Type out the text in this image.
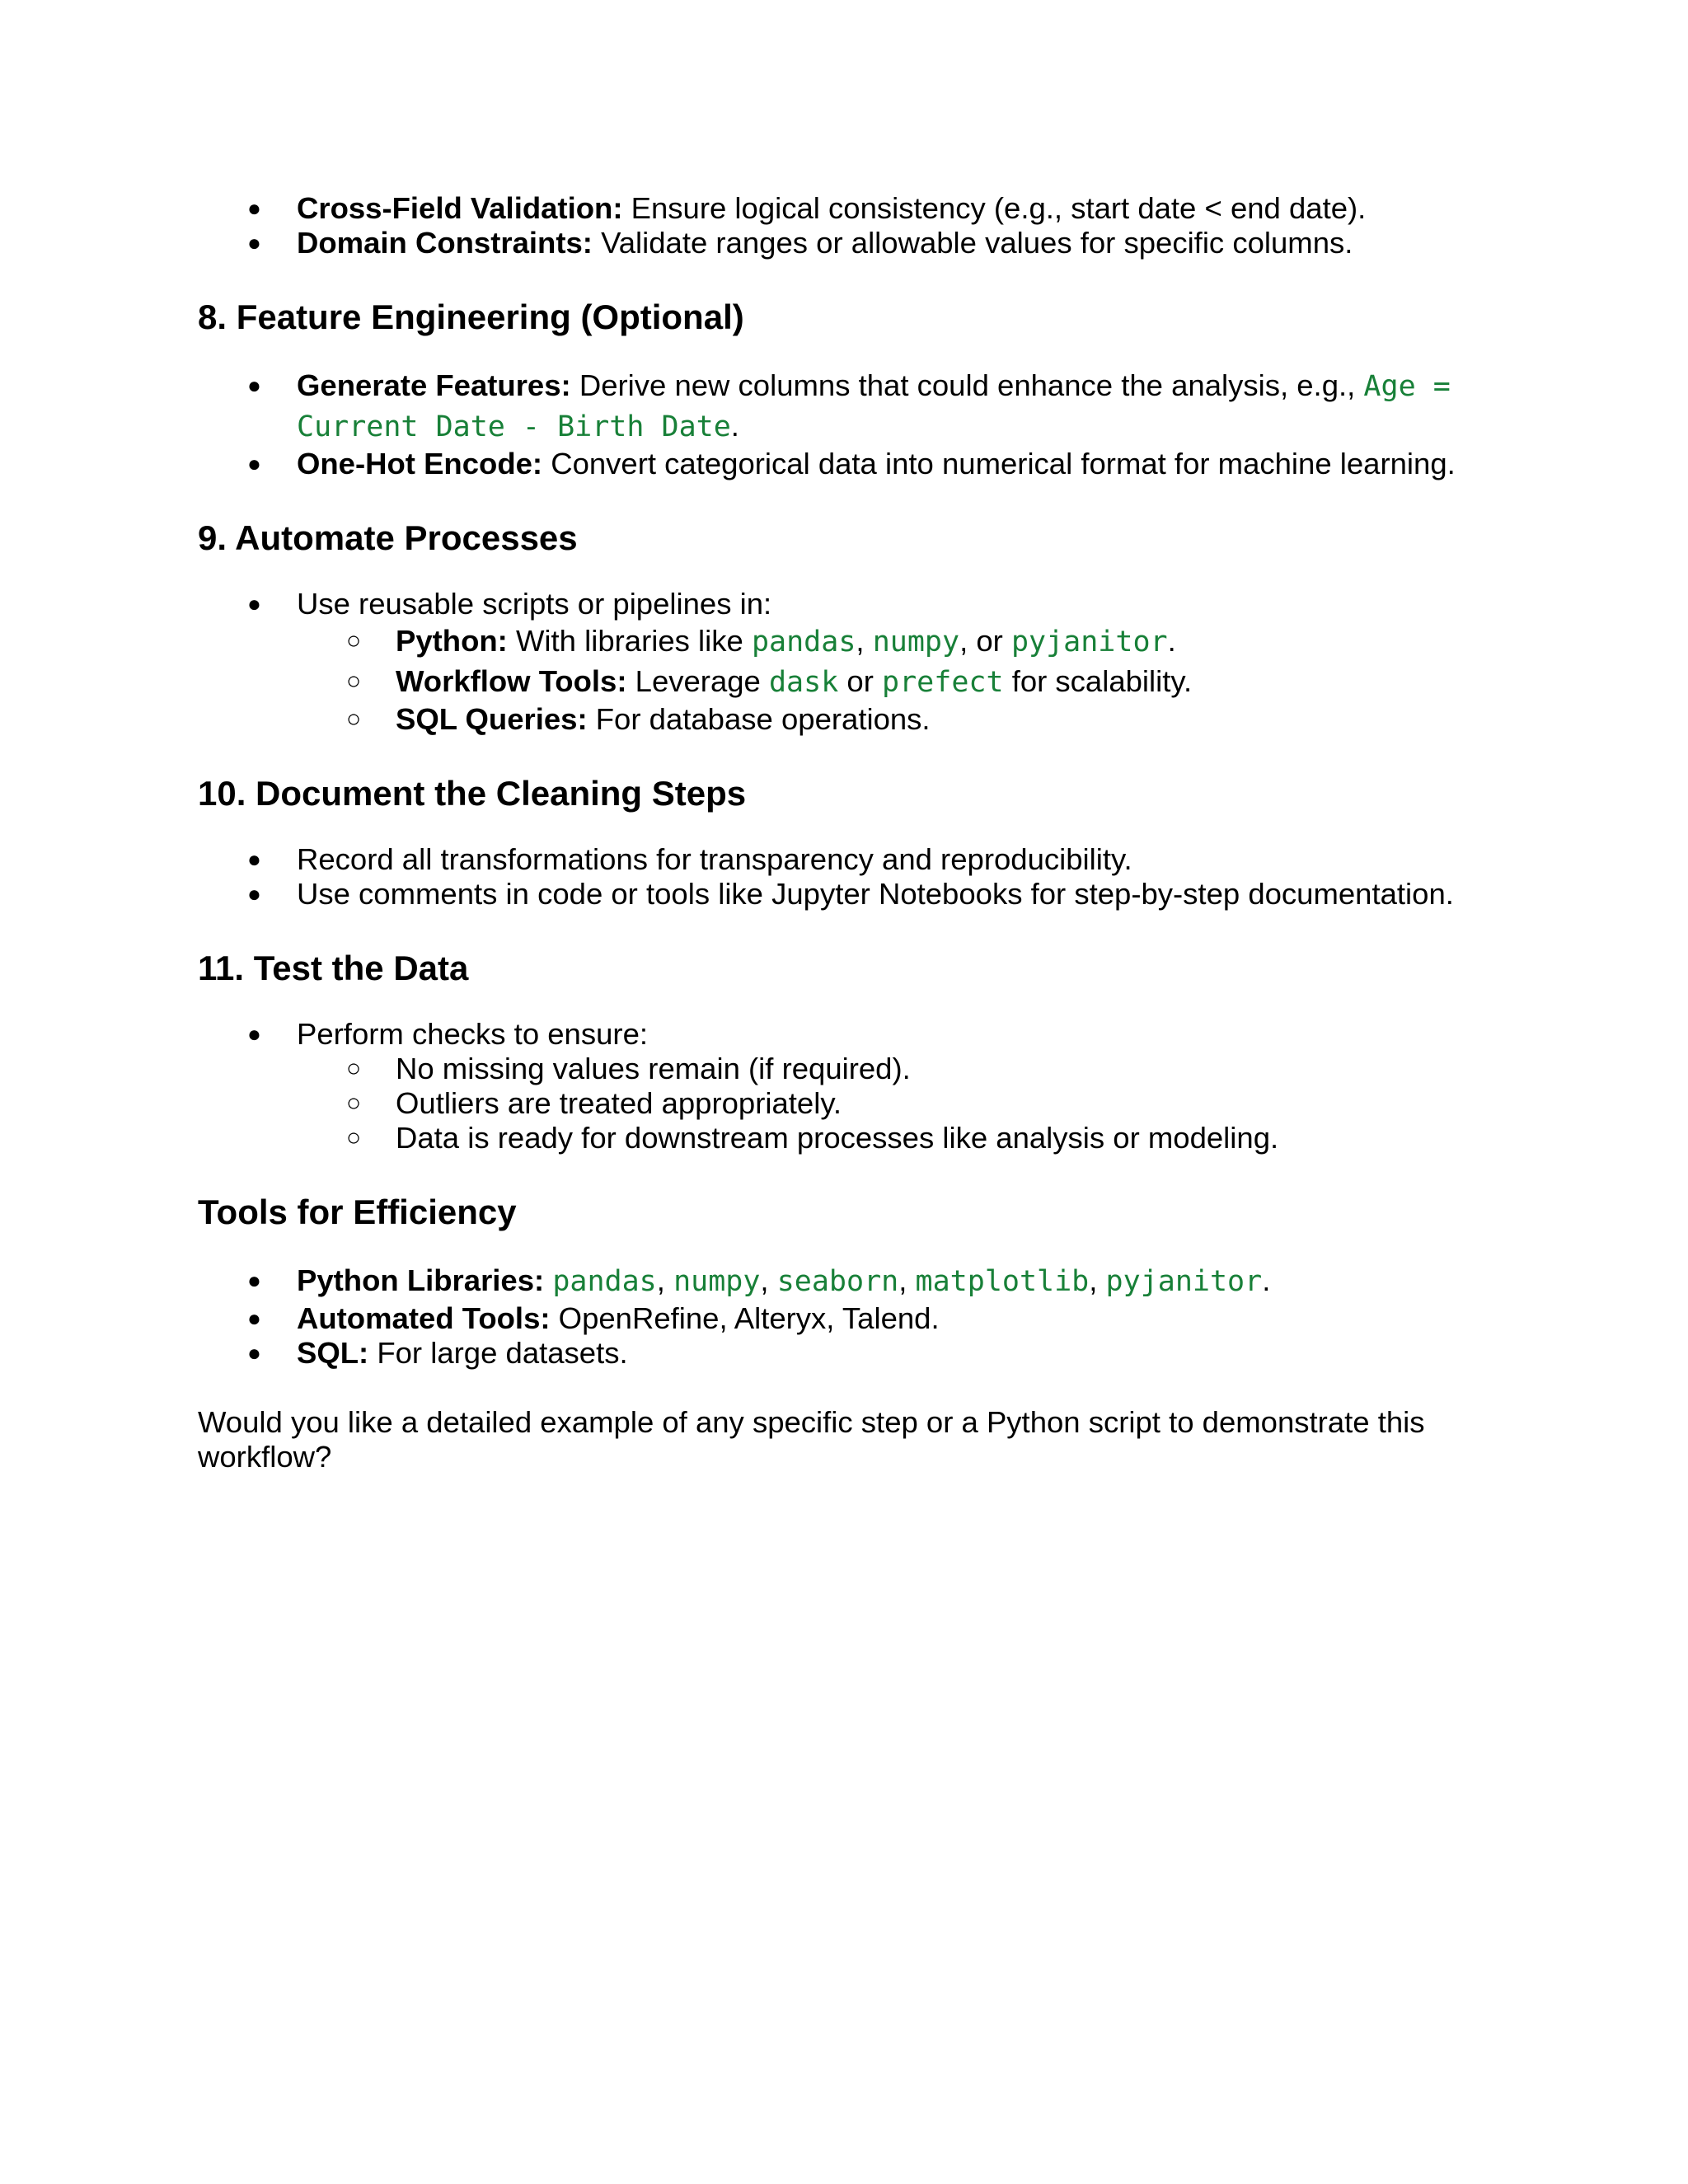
● Cross-Field Validation: Ensure logical consistency (e.g., start date < end date).
● Domain Constraints: Validate ranges or allowable values for specific columns.
8. Feature Engineering (Optional)
● Generate Features: Derive new columns that could enhance the analysis, e.g., Age = Current Date - Birth Date.
● One-Hot Encode: Convert categorical data into numerical format for machine learning.
9. Automate Processes
● Use reusable scripts or pipelines in:
○ Python: With libraries like pandas, numpy, or pyjanitor.
○ Workflow Tools: Leverage dask or prefect for scalability.
○ SQL Queries: For database operations.
10. Document the Cleaning Steps
● Record all transformations for transparency and reproducibility.
● Use comments in code or tools like Jupyter Notebooks for step-by-step documentation.
11. Test the Data
● Perform checks to ensure:
○ No missing values remain (if required).
○ Outliers are treated appropriately.
○ Data is ready for downstream processes like analysis or modeling.
Tools for Efficiency
● Python Libraries: pandas, numpy, seaborn, matplotlib, pyjanitor.
● Automated Tools: OpenRefine, Alteryx, Talend.
● SQL: For large datasets.

Would you like a detailed example of any specific step or a Python script to demonstrate this workflow?
